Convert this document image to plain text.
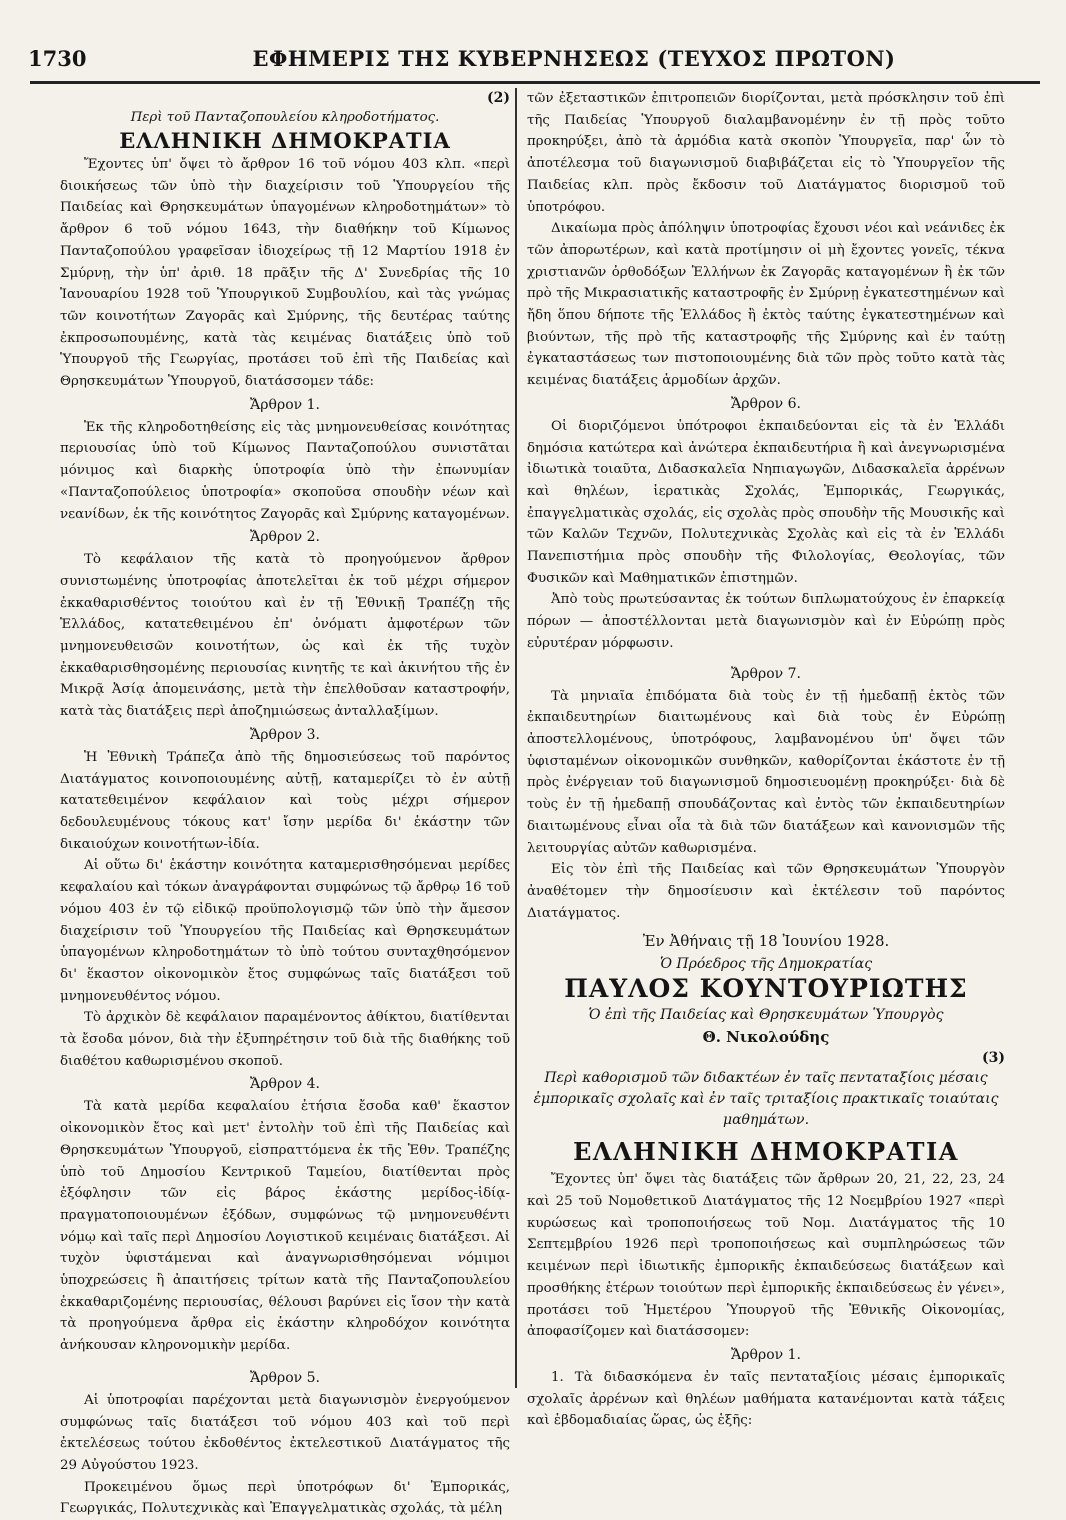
1730	ΕΦΗΜΕΡΙΣ ΤΗΣ ΚΥΒΕΡΝΗΣΕΩΣ (ΤΕΥΧΟΣ ΠΡΩΤΟΝ)

(2)

Περὶ τοῦ Πανταζοπουλείου κληροδοτήματος.

ΕΛΛΗΝΙΚΗ ΔΗΜΟΚΡΑΤΙΑ

Ἔχοντες ὑπ' ὄψει τὸ ἄρθρον 16 τοῦ νόμου 403 κλπ. «περὶ διοικήσεως τῶν ὑπὸ τὴν διαχείρισιν τοῦ Ὑπουργείου τῆς Παιδείας καὶ Θρησκευμάτων ὑπαγομένων κληροδοτημάτων» τὸ ἄρθρον 6 τοῦ νόμου 1643, τὴν διαθήκην τοῦ Κίμωνος Πανταζοπούλου γραφεῖσαν ἰδιοχείρως τῇ 12 Μαρτίου 1918 ἐν Σμύρνῃ, τὴν ὑπ' ἀριθ. 18 πρᾶξιν τῆς Δ' Συνεδρίας τῆς 10 Ἰανουαρίου 1928 τοῦ Ὑπουργικοῦ Συμβουλίου, καὶ τὰς γνώμας τῶν κοινοτήτων Ζαγορᾶς καὶ Σμύρνης, τῆς δευτέρας ταύτης ἐκπροσωπουμένης, κατὰ τὰς κειμένας διατάξεις ὑπὸ τοῦ Ὑπουργοῦ τῆς Γεωργίας, προτάσει τοῦ ἐπὶ τῆς Παιδείας καὶ Θρησκευμάτων Ὑπουργοῦ, διατάσσομεν τάδε:

Ἄρθρον 1.

Ἐκ τῆς κληροδοτηθείσης εἰς τὰς μνημονευθείσας κοινότητας περιουσίας ὑπὸ τοῦ Κίμωνος Πανταζοπούλου συνιστᾶται μόνιμος καὶ διαρκὴς ὑποτροφία ὑπὸ τὴν ἐπωνυμίαν «Πανταζοπούλειος ὑποτροφία» σκοποῦσα σπουδὴν νέων καὶ νεανίδων, ἐκ τῆς κοινότητος Ζαγορᾶς καὶ Σμύρνης καταγομένων.

Ἄρθρον 2.

Τὸ κεφάλαιον τῆς κατὰ τὸ προηγούμενον ἄρθρον συνιστωμένης ὑποτροφίας ἀποτελεῖται ἐκ τοῦ μέχρι σήμερον ἐκκαθαρισθέντος τοιούτου καὶ ἐν τῇ Ἐθνικῇ Τραπέζῃ τῆς Ἑλλάδος, κατατεθειμένου ἐπ' ὀνόματι ἀμφοτέρων τῶν μνημονευθεισῶν κοινοτήτων, ὡς καὶ ἐκ τῆς τυχὸν ἐκκαθαρισθησομένης περιουσίας κινητῆς τε καὶ ἀκινήτου τῆς ἐν Μικρᾷ Ἀσίᾳ ἀπομεινάσης, μετὰ τὴν ἐπελθοῦσαν καταστροφήν, κατὰ τὰς διατάξεις περὶ ἀποζημιώσεως ἀνταλλαξίμων.

Ἄρθρον 3.

Ἡ Ἐθνικὴ Τράπεζα ἀπὸ τῆς δημοσιεύσεως τοῦ παρόντος Διατάγματος κοινοποιουμένης αὐτῇ, καταμερίζει τὸ ἐν αὐτῇ κατατεθειμένον κεφάλαιον καὶ τοὺς μέχρι σήμερον δεδουλευμένους τόκους κατ' ἴσην μερίδα δι' ἑκάστην τῶν δικαιούχων κοινοτήτων-ἰδία.

Αἱ οὕτω δι' ἑκάστην κοινότητα καταμερισθησόμεναι μερίδες κεφαλαίου καὶ τόκων ἀναγράφονται συμφώνως τῷ ἄρθρῳ 16 τοῦ νόμου 403 ἐν τῷ εἰδικῷ προϋπολογισμῷ τῶν ὑπὸ τὴν ἄμεσον διαχείρισιν τοῦ Ὑπουργείου τῆς Παιδείας καὶ Θρησκευμάτων ὑπαγομένων κληροδοτημάτων τὸ ὑπὸ τούτου συνταχθησόμενον δι' ἕκαστον οἰκονομικὸν ἔτος συμφώνως ταῖς διατάξεσι τοῦ μνημονευθέντος νόμου.

Τὸ ἀρχικὸν δὲ κεφάλαιον παραμένοντος ἀθίκτου, διατίθενται τὰ ἔσοδα μόνον, διὰ τὴν ἐξυπηρέτησιν τοῦ διὰ τῆς διαθήκης τοῦ διαθέτου καθωρισμένου σκοποῦ.

Ἄρθρον 4.

Τὰ κατὰ μερίδα κεφαλαίου ἐτήσια ἔσοδα καθ' ἕκαστον οἰκονομικὸν ἔτος καὶ μετ' ἐντολὴν τοῦ ἐπὶ τῆς Παιδείας καὶ Θρησκευμάτων Ὑπουργοῦ, εἰσπραττόμενα ἐκ τῆς Ἐθν. Τραπέζης ὑπὸ τοῦ Δημοσίου Κεντρικοῦ Ταμείου, διατίθενται πρὸς ἐξόφλησιν τῶν εἰς βάρος ἑκάστης μερίδος-ἰδίᾳ-πραγματοποιουμένων ἐξόδων, συμφώνως τῷ μνημονευθέντι νόμῳ καὶ ταῖς περὶ Δημοσίου Λογιστικοῦ κειμέναις διατάξεσι. Αἱ τυχὸν ὑφιστάμεναι καὶ ἀναγνωρισθησόμεναι νόμιμοι ὑποχρεώσεις ἢ ἀπαιτήσεις τρίτων κατὰ τῆς Πανταζοπουλείου ἐκκαθαριζομένης περιουσίας, θέλουσι βαρύνει εἰς ἴσον τὴν κατὰ τὰ προηγούμενα ἄρθρα εἰς ἑκάστην κληροδόχον κοινότητα ἀνήκουσαν κληρονομικὴν μερίδα.

Ἄρθρον 5.

Αἱ ὑποτροφίαι παρέχονται μετὰ διαγωνισμὸν ἐνεργούμενον συμφώνως ταῖς διατάξεσι τοῦ νόμου 403 καὶ τοῦ περὶ ἐκτελέσεως τούτου ἐκδοθέντος ἐκτελεστικοῦ Διατάγματος τῆς 29 Αὐγούστου 1923.

Προκειμένου ὅμως περὶ ὑποτρόφων δι' Ἐμπορικάς, Γεωργικάς, Πολυτεχνικὰς καὶ Ἐπαγγελματικὰς σχολάς, τὰ μέλη

τῶν ἐξεταστικῶν ἐπιτροπειῶν διορίζονται, μετὰ πρόσκλησιν τοῦ ἐπὶ τῆς Παιδείας Ὑπουργοῦ διαλαμβανομένην ἐν τῇ πρὸς τοῦτο προκηρύξει, ἀπὸ τὰ ἁρμόδια κατὰ σκοπὸν Ὑπουργεῖα, παρ' ὧν τὸ ἀποτέλεσμα τοῦ διαγωνισμοῦ διαβιβάζεται εἰς τὸ Ὑπουργεῖον τῆς Παιδείας κλπ. πρὸς ἔκδοσιν τοῦ Διατάγματος διορισμοῦ τοῦ ὑποτρόφου.

Δικαίωμα πρὸς ἀπόληψιν ὑποτροφίας ἔχουσι νέοι καὶ νεάνιδες ἐκ τῶν ἀπορωτέρων, καὶ κατὰ προτίμησιν οἱ μὴ ἔχοντες γονεῖς, τέκνα χριστιανῶν ὀρθοδόξων Ἑλλήνων ἐκ Ζαγορᾶς καταγομένων ἢ ἐκ τῶν πρὸ τῆς Μικρασιατικῆς καταστροφῆς ἐν Σμύρνῃ ἐγκατεστημένων καὶ ἤδη ὅπου δήποτε τῆς Ἑλλάδος ἢ ἐκτὸς ταύτης ἐγκατεστημένων καὶ βιούντων, τῆς πρὸ τῆς καταστροφῆς τῆς Σμύρνης καὶ ἐν ταύτῃ ἐγκαταστάσεως των πιστοποιουμένης διὰ τῶν πρὸς τοῦτο κατὰ τὰς κειμένας διατάξεις ἁρμοδίων ἀρχῶν.

Ἄρθρον 6.

Οἱ διοριζόμενοι ὑπότροφοι ἐκπαιδεύονται εἰς τὰ ἐν Ἑλλάδι δημόσια κατώτερα καὶ ἀνώτερα ἐκπαιδευτήρια ἢ καὶ ἀνεγνωρισμένα ἰδιωτικὰ τοιαῦτα, Διδασκαλεῖα Νηπιαγωγῶν, Διδασκαλεῖα ἀρρένων καὶ θηλέων, ἱερατικὰς Σχολάς, Ἐμπορικάς, Γεωργικάς, ἐπαγγελματικὰς σχολάς, εἰς σχολὰς πρὸς σπουδὴν τῆς Μουσικῆς καὶ τῶν Καλῶν Τεχνῶν, Πολυτεχνικὰς Σχολὰς καὶ εἰς τὰ ἐν Ἑλλάδι Πανεπιστήμια πρὸς σπουδὴν τῆς Φιλολογίας, Θεολογίας, τῶν Φυσικῶν καὶ Μαθηματικῶν ἐπιστημῶν.

Ἀπὸ τοὺς πρωτεύσαντας ἐκ τούτων διπλωματούχους ἐν ἐπαρκείᾳ πόρων — ἀποστέλλονται μετὰ διαγωνισμὸν καὶ ἐν Εὐρώπῃ πρὸς εὐρυτέραν μόρφωσιν.

Ἄρθρον 7.

Τὰ μηνιαῖα ἐπιδόματα διὰ τοὺς ἐν τῇ ἡμεδαπῇ ἐκτὸς τῶν ἐκπαιδευτηρίων διαιτωμένους καὶ διὰ τοὺς ἐν Εὐρώπῃ ἀποστελλομένους, ὑποτρόφους, λαμβανομένου ὑπ' ὄψει τῶν ὑφισταμένων οἰκονομικῶν συνθηκῶν, καθορίζονται ἑκάστοτε ἐν τῇ πρὸς ἐνέργειαν τοῦ διαγωνισμοῦ δημοσιευομένῃ προκηρύξει· διὰ δὲ τοὺς ἐν τῇ ἡμεδαπῇ σπουδάζοντας καὶ ἐντὸς τῶν ἐκπαιδευτηρίων διαιτωμένους εἶναι οἷα τὰ διὰ τῶν διατάξεων καὶ κανονισμῶν τῆς λειτουργίας αὐτῶν καθωρισμένα.

Εἰς τὸν ἐπὶ τῆς Παιδείας καὶ τῶν Θρησκευμάτων Ὑπουργὸν ἀναθέτομεν τὴν δημοσίευσιν καὶ ἐκτέλεσιν τοῦ παρόντος Διατάγματος.

Ἐν Ἀθήναις τῇ 18 Ἰουνίου 1928.

Ὁ Πρόεδρος τῆς Δημοκρατίας

ΠΑΥΛΟΣ ΚΟΥΝΤΟΥΡΙΩΤΗΣ

Ὁ ἐπὶ τῆς Παιδείας καὶ Θρησκευμάτων Ὑπουργὸς

Θ. Νικολούδης

(3)

Περὶ καθορισμοῦ τῶν διδακτέων ἐν ταῖς πενταταξίοις μέσαις ἐμπορικαῖς σχολαῖς καὶ ἐν ταῖς τριταξίοις πρακτικαῖς τοιαύταις μαθημάτων.

ΕΛΛΗΝΙΚΗ ΔΗΜΟΚΡΑΤΙΑ

Ἔχοντες ὑπ' ὄψει τὰς διατάξεις τῶν ἄρθρων 20, 21, 22, 23, 24 καὶ 25 τοῦ Νομοθετικοῦ Διατάγματος τῆς 12 Νοεμβρίου 1927 «περὶ κυρώσεως καὶ τροποποιήσεως τοῦ Νομ. Διατάγματος τῆς 10 Σεπτεμβρίου 1926 περὶ τροποποιήσεως καὶ συμπληρώσεως τῶν κειμένων περὶ ἰδιωτικῆς ἐμπορικῆς ἐκπαιδεύσεως διατάξεων καὶ προσθήκης ἑτέρων τοιούτων περὶ ἐμπορικῆς ἐκπαιδεύσεως ἐν γένει», προτάσει τοῦ Ἡμετέρου Ὑπουργοῦ τῆς Ἐθνικῆς Οἰκονομίας, ἀποφασίζομεν καὶ διατάσσομεν:

Ἄρθρον 1.

1. Τὰ διδασκόμενα ἐν ταῖς πενταταξίοις μέσαις ἐμπορικαῖς σχολαῖς ἀρρένων καὶ θηλέων μαθήματα κατανέμονται κατὰ τάξεις καὶ ἑβδομαδιαίας ὥρας, ὡς ἑξῆς:
